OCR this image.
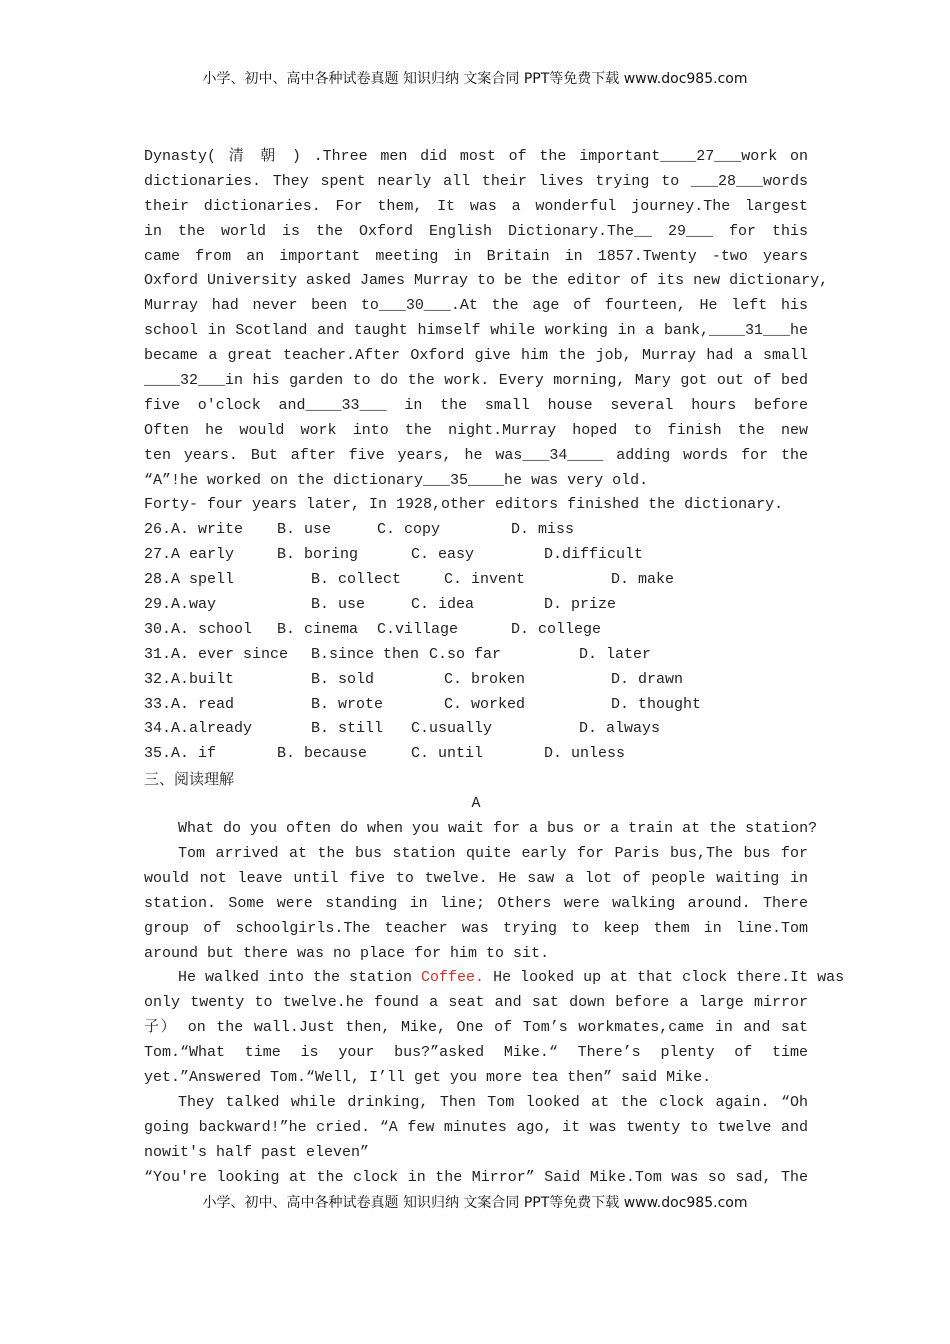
小学、初中、高中各种试卷真题 知识归纳 文案合同 PPT等免费下载 www.doc985.com
Dynasty( 清 朝 ) .Three men did most of the important____27___work on
dictionaries. They spent nearly all their lives trying to ___28___words
their dictionaries. For them, It was a wonderful journey.The largest
in the world is the Oxford English Dictionary.The__ 29___ for this
came from an important meeting in Britain in 1857.Twenty -two years
Oxford University asked James Murray to be the editor of its new dictionary,
Murray had never been to___30___.At the age of fourteen, He left his
school in Scotland and taught himself while working in a bank,____31___he
became a great teacher.After Oxford give him the job, Murray had a small
____32___in his garden to do the work. Every morning, Mary got out of bed
five o'clock and____33___ in the small house several hours before
Often he would work into the night.Murray hoped to finish the new
ten years. But after five years, he was___34____ adding words for the
“A”!he worked on the dictionary___35____he was very old.
Forty- four years later, In 1928,other editors finished the dictionary.
26.A. write B. use	C. copy	D. miss
27.A early	B. boring	C. easy	D.difficult
28.A spell	B. collect	C. invent	D. make
29.A.way	B. use	C. idea	D. prize
30.A. school B. cinema C.village	D. college
31.A. ever since B.since then C.so far	D. later
32.A.built	B. sold	C. broken	D. drawn
33.A. read	B. wrote	C. worked	D. thought
34.A.already	B. still C.usually	D. always
35.A. if	B. because	C. until	D. unless
三、阅读理解
A
What do you often do when you wait for a bus or a train at the station?
Tom arrived at the bus station quite early for Paris bus,The bus for
would not leave until five to twelve. He saw a lot of people waiting in
station. Some were standing in line; Others were walking around. There
group of schoolgirls.The teacher was trying to keep them in line.Tom
around but there was no place for him to sit.
He walked into the station Coffee. He looked up at that clock there.It was
only twenty to twelve.he found a seat and sat down before a large mirror
子） on the wall.Just then, Mike, One of Tom’s workmates,came in and sat
Tom.“What time is your bus?”asked Mike.“ There’s plenty of time
yet.”Answered Tom.“Well, I’ll get you more tea then” said Mike.
They talked while drinking, Then Tom looked at the clock again. “Oh
going backward!”he cried. “A few minutes ago, it was twenty to twelve and
nowit's half past eleven”
“You're looking at the clock in the Mirror” Said Mike.Tom was so sad, The
小学、初中、高中各种试卷真题 知识归纳 文案合同 PPT等免费下载 www.doc985.com
